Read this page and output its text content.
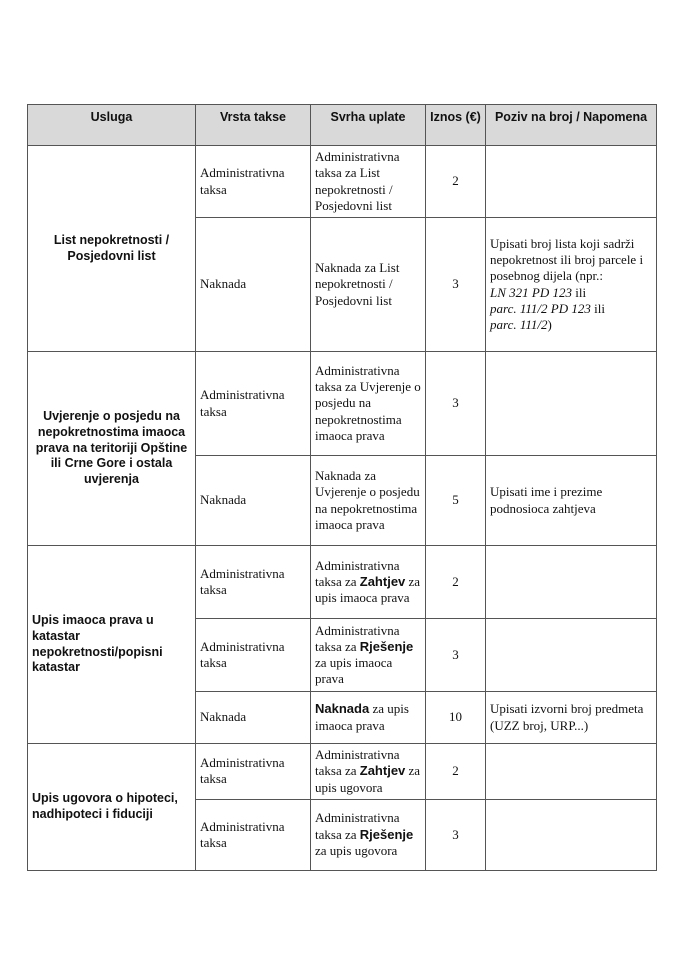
Usluga	Vrsta takse	Svrha uplate	Iznos (€)	Poziv na broj / Napomena
List nepokretnosti / Posjedovni list	Administrativna taksa	Administrativna taksa za List nepokretnosti / Posjedovni list	2	
	Naknada	Naknada za List nepokretnosti / Posjedovni list	3	Upisati broj lista koji sadrži nepokretnost ili broj parcele i posebnog dijela (npr.:
LN 321 PD 123 ili
parc. 111/2 PD 123 ili
parc. 111/2)
Uvjerenje o posjedu na nepokretnostima imaoca prava na teritoriji Opštine ili Crne Gore i ostala uvjerenja	Administrativna taksa	Administrativna taksa za Uvjerenje o posjedu na nepokretnostima imaoca prava	3	
	Naknada	Naknada za Uvjerenje o posjedu na nepokretnostima imaoca prava	5	Upisati ime i prezime podnosioca zahtjeva
Upis imaoca prava u katastar nepokretnosti/popisni katastar	Administrativna taksa	Administrativna taksa za Zahtjev za upis imaoca prava	2	
	Administrativna taksa	Administrativna taksa za Rješenje za upis imaoca prava	3	
	Naknada	Naknada za upis imaoca prava	10	Upisati izvorni broj predmeta (UZZ broj, URP...)
Upis ugovora o hipoteci, nadhipoteci i fiduciji	Administrativna taksa	Administrativna taksa za Zahtjev za upis ugovora	2	
	Administrativna taksa	Administrativna taksa za Rješenje za upis ugovora	3	
